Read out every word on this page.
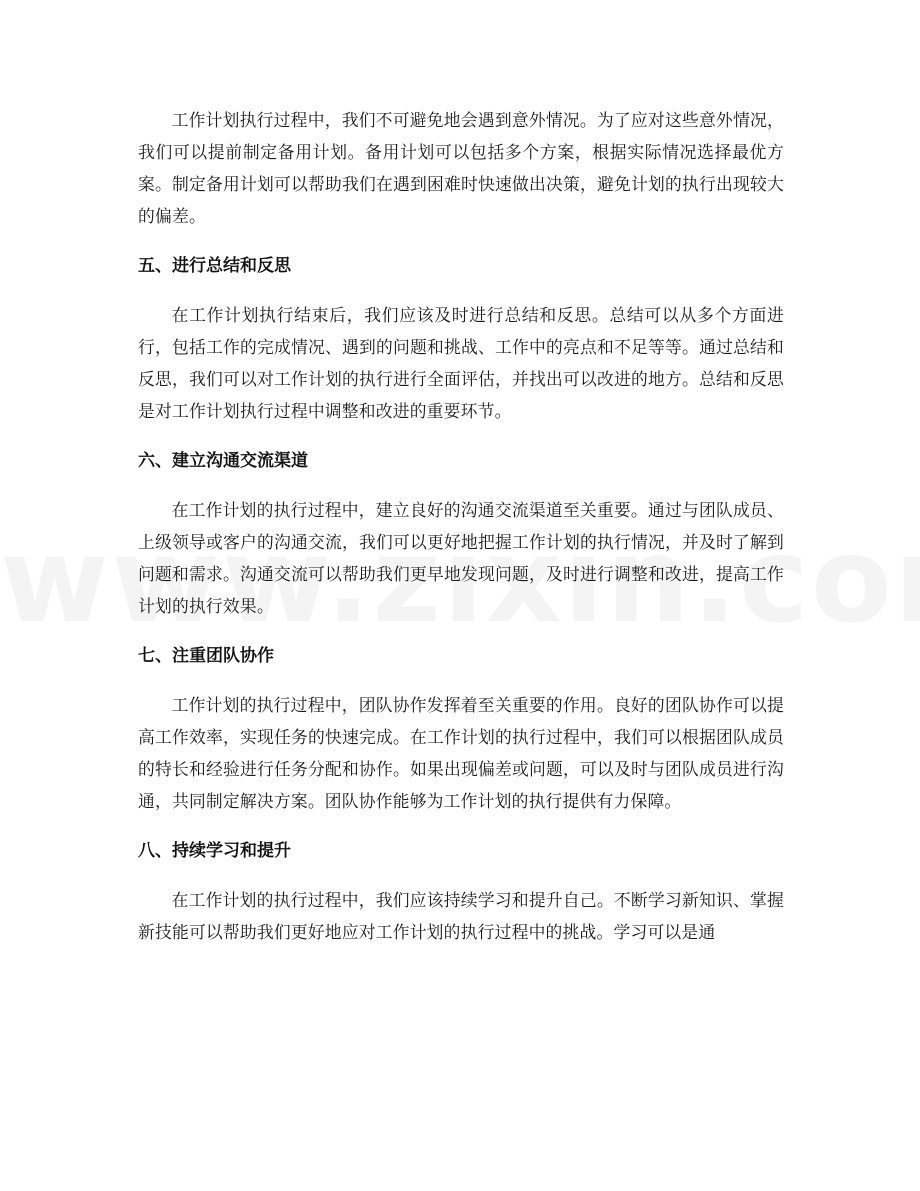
工作计划执行过程中，我们不可避免地会遇到意外情况。为了应对这些意外情况，我们可以提前制定备用计划。备用计划可以包括多个方案，根据实际情况选择最优方案。制定备用计划可以帮助我们在遇到困难时快速做出决策，避免计划的执行出现较大的偏差。

五、进行总结和反思

在工作计划执行结束后，我们应该及时进行总结和反思。总结可以从多个方面进行，包括工作的完成情况、遇到的问题和挑战、工作中的亮点和不足等等。通过总结和反思，我们可以对工作计划的执行进行全面评估，并找出可以改进的地方。总结和反思是对工作计划执行过程中调整和改进的重要环节。

六、建立沟通交流渠道

在工作计划的执行过程中，建立良好的沟通交流渠道至关重要。通过与团队成员、上级领导或客户的沟通交流，我们可以更好地把握工作计划的执行情况，并及时了解到问题和需求。沟通交流可以帮助我们更早地发现问题，及时进行调整和改进，提高工作计划的执行效果。

七、注重团队协作

工作计划的执行过程中，团队协作发挥着至关重要的作用。良好的团队协作可以提高工作效率，实现任务的快速完成。在工作计划的执行过程中，我们可以根据团队成员的特长和经验进行任务分配和协作。如果出现偏差或问题，可以及时与团队成员进行沟通，共同制定解决方案。团队协作能够为工作计划的执行提供有力保障。

八、持续学习和提升

在工作计划的执行过程中，我们应该持续学习和提升自己。不断学习新知识、掌握新技能可以帮助我们更好地应对工作计划的执行过程中的挑战。学习可以是通
